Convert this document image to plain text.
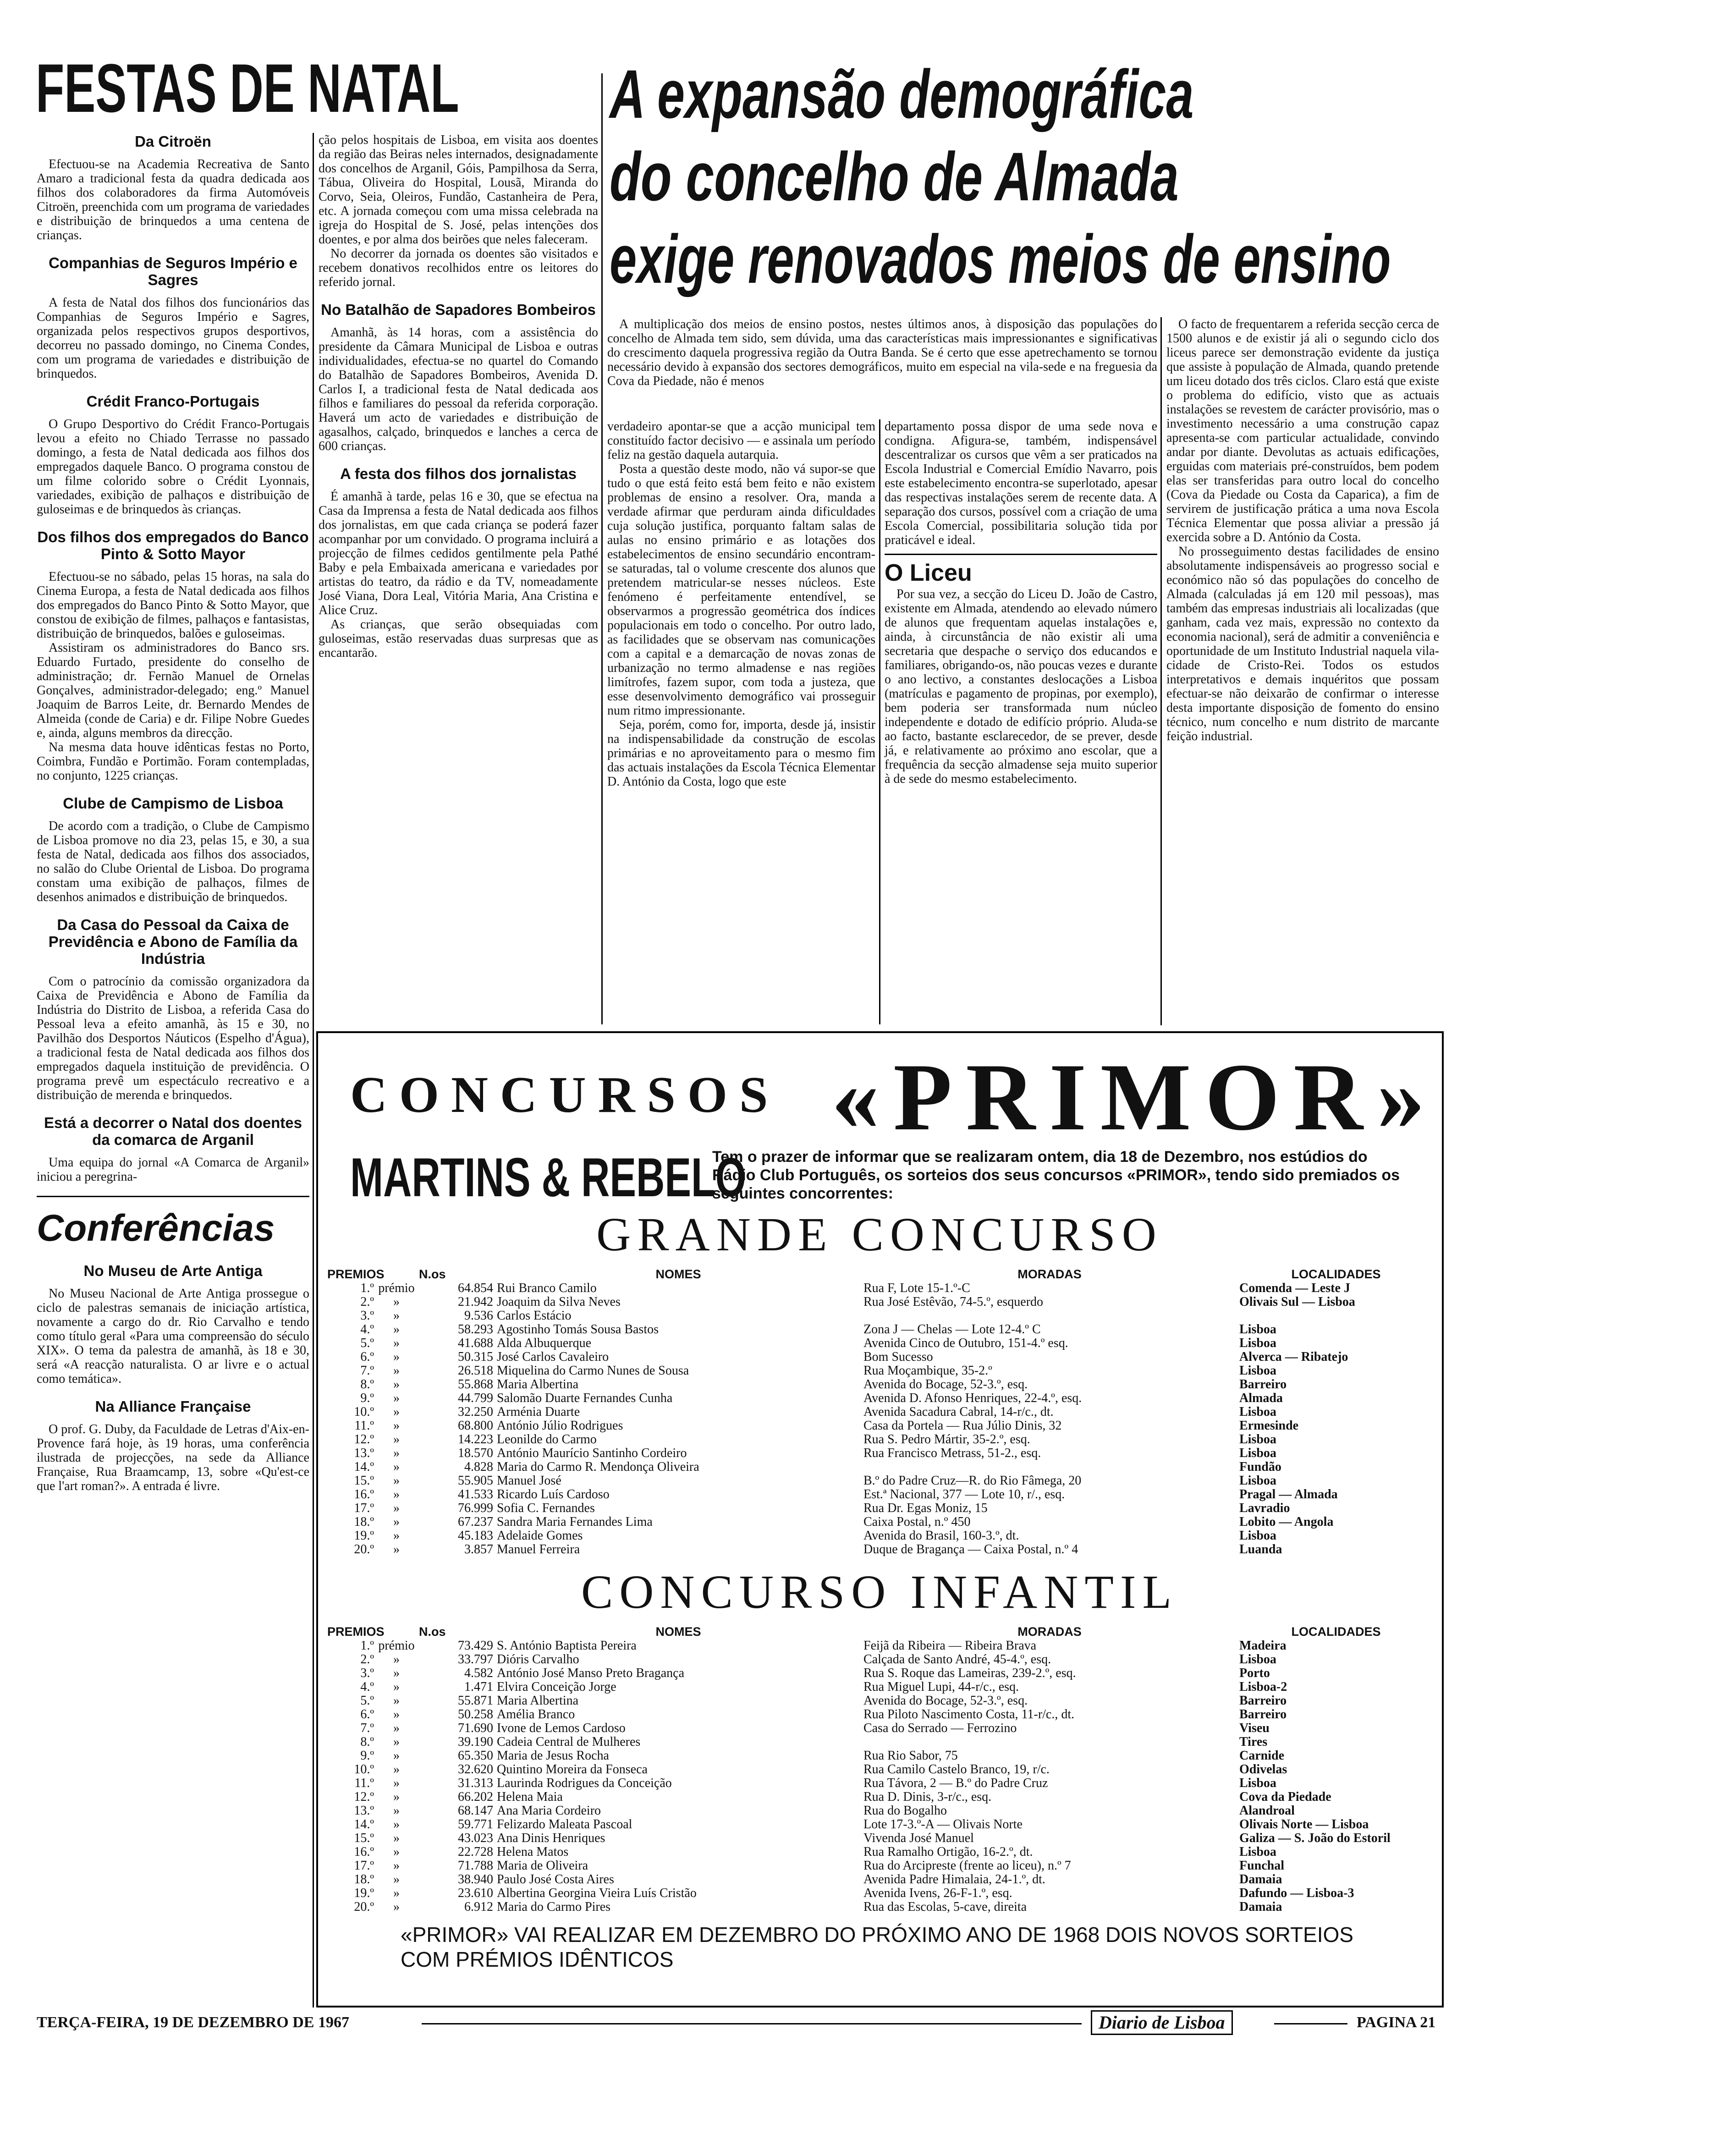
FESTAS DE NATAL
Da Citroën

Efectuou-se na Academia Recreativa de Santo Amaro a tradicional festa da quadra dedicada aos filhos dos colaboradores da firma Automóveis Citroën, preenchida com um programa de variedades e distribuição de brinquedos a uma centena de crianças.

Companhias de Seguros Império e Sagres

A festa de Natal dos filhos dos funcionários das Companhias de Seguros Império e Sagres, organizada pelos respectivos grupos desportivos, decorreu no passado domingo, no Cinema Condes, com um programa de variedades e distribuição de brinquedos.

Crédit Franco-Portugais

O Grupo Desportivo do Crédit Franco-Portugais levou a efeito no Chiado Terrasse no passado domingo, a festa de Natal dedicada aos filhos dos empregados daquele Banco. O programa constou de um filme colorido sobre o Crédit Lyonnais, variedades, exibição de palhaços e distribuição de guloseimas e de brinquedos às crianças.

Dos filhos dos empregados do Banco Pinto & Sotto Mayor

Efectuou-se no sábado, pelas 15 horas, na sala do Cinema Europa, a festa de Natal dedicada aos filhos dos empregados do Banco Pinto & Sotto Mayor, que constou de exibição de filmes, palhaços e fantasistas, distribuição de brinquedos, balões e guloseimas.

Assistiram os administradores do Banco srs. Eduardo Furtado, presidente do conselho de administração; dr. Fernão Manuel de Ornelas Gonçalves, administrador-delegado; eng.º Manuel Joaquim de Barros Leite, dr. Bernardo Mendes de Almeida (conde de Caria) e dr. Filipe Nobre Guedes e, ainda, alguns membros da direcção.

Na mesma data houve idênticas festas no Porto, Coimbra, Fundão e Portimão. Foram contempladas, no conjunto, 1225 crianças.

Clube de Campismo de Lisboa

De acordo com a tradição, o Clube de Campismo de Lisboa promove no dia 23, pelas 15, e 30, a sua festa de Natal, dedicada aos filhos dos associados, no salão do Clube Oriental de Lisboa. Do programa constam uma exibição de palhaços, filmes de desenhos animados e distribuição de brinquedos.

Da Casa do Pessoal da Caixa de Previdência e Abono de Família da Indústria

Com o patrocínio da comissão organizadora da Caixa de Previdência e Abono de Família da Indústria do Distrito de Lisboa, a referida Casa do Pessoal leva a efeito amanhã, às 15 e 30, no Pavilhão dos Desportos Náuticos (Espelho d'Água), a tradicional festa de Natal dedicada aos filhos dos empregados daquela instituição de previdência. O programa prevê um espectáculo recreativo e a distribuição de merenda e brinquedos.

Está a decorrer o Natal dos doentes da comarca de Arganil

Uma equipa do jornal «A Comarca de Arganil» iniciou a peregrina-

Conferências
No Museu de Arte Antiga

No Museu Nacional de Arte Antiga prossegue o ciclo de palestras semanais de iniciação artística, novamente a cargo do dr. Rio Carvalho e tendo como título geral «Para uma compreensão do século XIX». O tema da palestra de amanhã, às 18 e 30, será «A reacção naturalista. O ar livre e o actual como temática».

Na Alliance Française

O prof. G. Duby, da Faculdade de Letras d'Aix-en-Provence fará hoje, às 19 horas, uma conferência ilustrada de projecções, na sede da Alliance Française, Rua Braamcamp, 13, sobre «Qu'est-ce que l'art roman?». A entrada é livre.

ção pelos hospitais de Lisboa, em visita aos doentes da região das Beiras neles internados, designadamente dos concelhos de Arganil, Góis, Pampilhosa da Serra, Tábua, Oliveira do Hospital, Lousã, Miranda do Corvo, Seia, Oleiros, Fundão, Castanheira de Pera, etc. A jornada começou com uma missa celebrada na igreja do Hospital de S. José, pelas intenções dos doentes, e por alma dos beirões que neles faleceram.

No decorrer da jornada os doentes são visitados e recebem donativos recolhidos entre os leitores do referido jornal.

No Batalhão de Sapadores Bombeiros

Amanhã, às 14 horas, com a assistência do presidente da Câmara Municipal de Lisboa e outras individualidades, efectua-se no quartel do Comando do Batalhão de Sapadores Bombeiros, Avenida D. Carlos I, a tradicional festa de Natal dedicada aos filhos e familiares do pessoal da referida corporação. Haverá um acto de variedades e distribuição de agasalhos, calçado, brinquedos e lanches a cerca de 600 crianças.

A festa dos filhos dos jornalistas

É amanhã à tarde, pelas 16 e 30, que se efectua na Casa da Imprensa a festa de Natal dedicada aos filhos dos jornalistas, em que cada criança se poderá fazer acompanhar por um convidado. O programa incluirá a projecção de filmes cedidos gentilmente pela Pathé Baby e pela Embaixada americana e variedades por artistas do teatro, da rádio e da TV, nomeadamente José Viana, Dora Leal, Vitória Maria, Ana Cristina e Alice Cruz.

As crianças, que serão obsequiadas com guloseimas, estão reservadas duas surpresas que as encantarão.

A expansão demográfica
do concelho de Almada
exige renovados meios de ensino

A multiplicação dos meios de ensino postos, nestes últimos anos, à disposição das populações do concelho de Almada tem sido, sem dúvida, uma das características mais impressionantes e significativas do crescimento daquela progressiva região da Outra Banda. Se é certo que esse apetrechamento se tornou necessário devido à expansão dos sectores demográficos, muito em especial na vila-sede e na freguesia da Cova da Piedade, não é menos

verdadeiro apontar-se que a acção municipal tem constituído factor decisivo — e assinala um período feliz na gestão daquela autarquia.

Posta a questão deste modo, não vá supor-se que tudo o que está feito está bem feito e não existem problemas de ensino a resolver. Ora, manda a verdade afirmar que perduram ainda dificuldades cuja solução justifica, porquanto faltam salas de aulas no ensino primário e as lotações dos estabelecimentos de ensino secundário encontram-se saturadas, tal o volume crescente dos alunos que pretendem matricular-se nesses núcleos. Este fenómeno é perfeitamente entendível, se observarmos a progressão geométrica dos índices populacionais em todo o concelho. Por outro lado, as facilidades que se observam nas comunicações com a capital e a demarcação de novas zonas de urbanização no termo almadense e nas regiões limítrofes, fazem supor, com toda a justeza, que esse desenvolvimento demográfico vai prosseguir num ritmo impressionante.

Seja, porém, como for, importa, desde já, insistir na indispensabilidade da construção de escolas primárias e no aproveitamento para o mesmo fim das actuais instalações da Escola Técnica Elementar D. António da Costa, logo que este

departamento possa dispor de uma sede nova e condigna. Afigura-se, também, indispensável descentralizar os cursos que vêm a ser praticados na Escola Industrial e Comercial Emídio Navarro, pois este estabelecimento encontra-se superlotado, apesar das respectivas instalações serem de recente data. A separação dos cursos, possível com a criação de uma Escola Comercial, possibilitaria solução tida por praticável e ideal.

O Liceu

Por sua vez, a secção do Liceu D. João de Castro, existente em Almada, atendendo ao elevado número de alunos que frequentam aquelas instalações e, ainda, à circunstância de não existir ali uma secretaria que despache o serviço dos educandos e familiares, obrigando-os, não poucas vezes e durante o ano lectivo, a constantes deslocações a Lisboa (matrículas e pagamento de propinas, por exemplo), bem poderia ser transformada num núcleo independente e dotado de edifício próprio. Aluda-se ao facto, bastante esclarecedor, de se prever, desde já, e relativamente ao próximo ano escolar, que a frequência da secção almadense seja muito superior à de sede do mesmo estabelecimento.

O facto de frequentarem a referida secção cerca de 1500 alunos e de existir já ali o segundo ciclo dos liceus parece ser demonstração evidente da justiça que assiste à população de Almada, quando pretende um liceu dotado dos três ciclos. Claro está que existe o problema do edifício, visto que as actuais instalações se revestem de carácter provisório, mas o investimento necessário a uma construção capaz apresenta-se com particular actualidade, convindo andar por diante. Devolutas as actuais edificações, erguidas com materiais pré-construídos, bem podem elas ser transferidas para outro local do concelho (Cova da Piedade ou Costa da Caparica), a fim de servirem de justificação prática a uma nova Escola Técnica Elementar que possa aliviar a pressão já exercida sobre a D. António da Costa.

No prosseguimento destas facilidades de ensino absolutamente indispensáveis ao progresso social e económico não só das populações do concelho de Almada (calculadas já em 120 mil pessoas), mas também das empresas industriais ali localizadas (que ganham, cada vez mais, expressão no contexto da economia nacional), será de admitir a conveniência e oportunidade de um Instituto Industrial naquela vila-cidade de Cristo-Rei. Todos os estudos interpretativos e demais inquéritos que possam efectuar-se não deixarão de confirmar o interesse desta importante disposição de fomento do ensino técnico, num concelho e num distrito de marcante feição industrial.

CONCURSOS «PRIMOR»
MARTINS & REBELO
Tem o prazer de informar que se realizaram ontem, dia 18 de Dezembro, nos estúdios do Rádio Club Português, os sorteios dos seus concursos «PRIMOR», tendo sido premiados os seguintes concorrentes:
GRANDE CONCURSO
PREMIOS		N.os	NOMES	MORADAS	LOCALIDADES
1.º	prémio	64.854	Rui Branco Camilo	Rua F, Lote 15-1.º-C	Comenda — Leste J
2.º	»	21.942	Joaquim da Silva Neves	Rua José Estêvão, 74-5.º, esquerdo	Olivais Sul — Lisboa
3.º	»	9.536	Carlos Estácio		
4.º	»	58.293	Agostinho Tomás Sousa Bastos	Zona J — Chelas — Lote 12-4.º C	Lisboa
5.º	»	41.688	Alda Albuquerque	Avenida Cinco de Outubro, 151-4.º esq.	Lisboa
6.º	»	50.315	José Carlos Cavaleiro	Bom Sucesso	Alverca — Ribatejo
7.º	»	26.518	Miquelina do Carmo Nunes de Sousa	Rua Moçambique, 35-2.º	Lisboa
8.º	»	55.868	Maria Albertina	Avenida do Bocage, 52-3.º, esq.	Barreiro
9.º	»	44.799	Salomão Duarte Fernandes Cunha	Avenida D. Afonso Henriques, 22-4.º, esq.	Almada
10.º	»	32.250	Arménia Duarte	Avenida Sacadura Cabral, 14-r/c., dt.	Lisboa
11.º	»	68.800	António Júlio Rodrigues	Casa da Portela — Rua Júlio Dinis, 32	Ermesinde
12.º	»	14.223	Leonilde do Carmo	Rua S. Pedro Mártir, 35-2.º, esq.	Lisboa
13.º	»	18.570	António Maurício Santinho Cordeiro	Rua Francisco Metrass, 51-2., esq.	Lisboa
14.º	»	4.828	Maria do Carmo R. Mendonça Oliveira		Fundão
15.º	»	55.905	Manuel José	B.º do Padre Cruz—R. do Rio Fâmega, 20	Lisboa
16.º	»	41.533	Ricardo Luís Cardoso	Est.ª Nacional, 377 — Lote 10, r/., esq.	Pragal — Almada
17.º	»	76.999	Sofia C. Fernandes	Rua Dr. Egas Moniz, 15	Lavradio
18.º	»	67.237	Sandra Maria Fernandes Lima	Caixa Postal, n.º 450	Lobito — Angola
19.º	»	45.183	Adelaide Gomes	Avenida do Brasil, 160-3.º, dt.	Lisboa
20.º	»	3.857	Manuel Ferreira	Duque de Bragança — Caixa Postal, n.º 4	Luanda
CONCURSO INFANTIL
PREMIOS		N.os	NOMES	MORADAS	LOCALIDADES
1.º	prémio	73.429	S. António Baptista Pereira	Feijã da Ribeira — Ribeira Brava	Madeira
2.º	»	33.797	Dióris Carvalho	Calçada de Santo André, 45-4.º, esq.	Lisboa
3.º	»	4.582	António José Manso Preto Bragança	Rua S. Roque das Lameiras, 239-2.º, esq.	Porto
4.º	»	1.471	Elvira Conceição Jorge	Rua Miguel Lupi, 44-r/c., esq.	Lisboa-2
5.º	»	55.871	Maria Albertina	Avenida do Bocage, 52-3.º, esq.	Barreiro
6.º	»	50.258	Amélia Branco	Rua Piloto Nascimento Costa, 11-r/c., dt.	Barreiro
7.º	»	71.690	Ivone de Lemos Cardoso	Casa do Serrado — Ferrozino	Viseu
8.º	»	39.190	Cadeia Central de Mulheres		Tires
9.º	»	65.350	Maria de Jesus Rocha	Rua Rio Sabor, 75	Carnide
10.º	»	32.620	Quintino Moreira da Fonseca	Rua Camilo Castelo Branco, 19, r/c.	Odivelas
11.º	»	31.313	Laurinda Rodrigues da Conceição	Rua Távora, 2 — B.º do Padre Cruz	Lisboa
12.º	»	66.202	Helena Maia	Rua D. Dinis, 3-r/c., esq.	Cova da Piedade
13.º	»	68.147	Ana Maria Cordeiro	Rua do Bogalho	Alandroal
14.º	»	59.771	Felizardo Maleata Pascoal	Lote 17-3.º-A — Olivais Norte	Olivais Norte — Lisboa
15.º	»	43.023	Ana Dinis Henriques	Vivenda José Manuel	Galiza — S. João do Estoril
16.º	»	22.728	Helena Matos	Rua Ramalho Ortigão, 16-2.º, dt.	Lisboa
17.º	»	71.788	Maria de Oliveira	Rua do Arcipreste (frente ao liceu), n.º 7	Funchal
18.º	»	38.940	Paulo José Costa Aires	Avenida Padre Himalaia, 24-1.º, dt.	Damaia
19.º	»	23.610	Albertina Georgina Vieira Luís Cristão	Avenida Ivens, 26-F-1.º, esq.	Dafundo — Lisboa-3
20.º	»	6.912	Maria do Carmo Pires	Rua das Escolas, 5-cave, direita	Damaia
«PRIMOR» VAI REALIZAR EM DEZEMBRO DO PRÓXIMO ANO DE 1968 DOIS NOVOS SORTEIOS COM PRÉMIOS IDÊNTICOS
TERÇA-FEIRA, 19 DE DEZEMBRO DE 1967	Diario de Lisboa	PAGINA 21
